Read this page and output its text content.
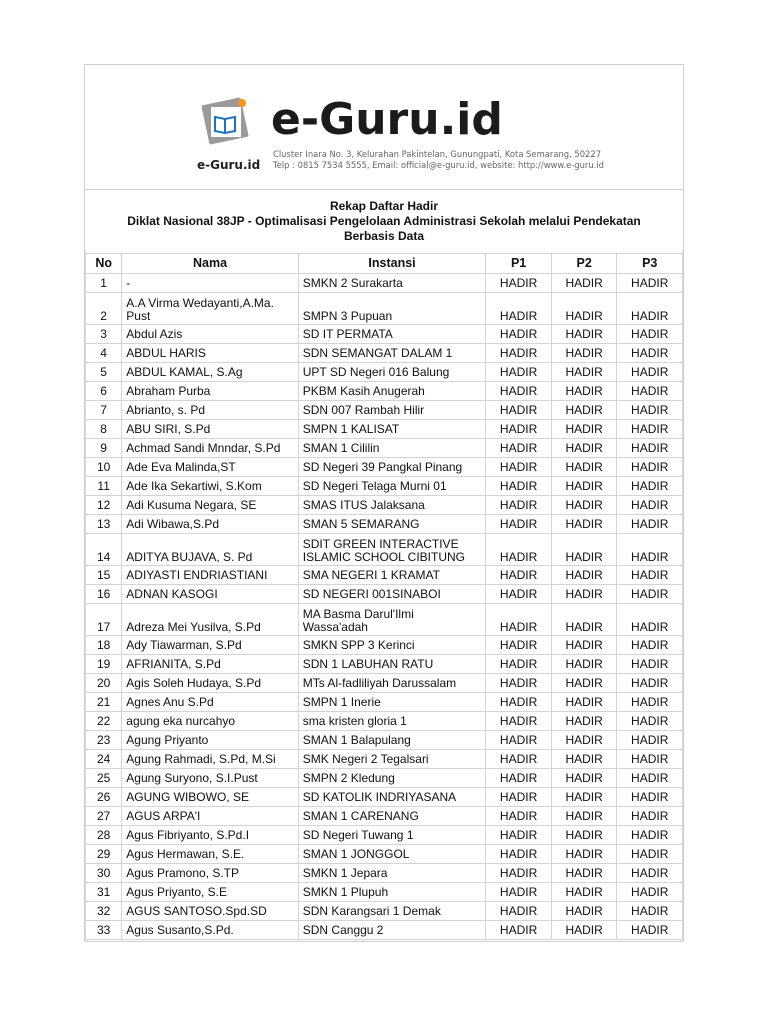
e-Guru.id
e-Guru.id
Cluster Inara No. 3, Kelurahan Pakintelan, Gunungpati, Kota Semarang, 50227
Telp : 0815 7534 5555, Email: official@e-guru.id, website: http://www.e-guru.id
Rekap Daftar Hadir
Diklat Nasional 38JP - Optimalisasi Pengelolaan Administrasi Sekolah melalui Pendekatan
Berbasis Data
No	Nama	Instansi	P1	P2	P3
1	-	SMKN 2 Surakarta	HADIR	HADIR	HADIR
2	A.A Virma Wedayanti,A.Ma. Pust	SMPN 3 Pupuan	HADIR	HADIR	HADIR
3	Abdul Azis	SD IT PERMATA	HADIR	HADIR	HADIR
4	ABDUL HARIS	SDN SEMANGAT DALAM 1	HADIR	HADIR	HADIR
5	ABDUL KAMAL, S.Ag	UPT SD Negeri 016 Balung	HADIR	HADIR	HADIR
6	Abraham Purba	PKBM Kasih Anugerah	HADIR	HADIR	HADIR
7	Abrianto, s. Pd	SDN 007 Rambah Hilir	HADIR	HADIR	HADIR
8	ABU SIRI, S.Pd	SMPN 1 KALISAT	HADIR	HADIR	HADIR
9	Achmad Sandi Mnndar, S.Pd	SMAN 1 Cililin	HADIR	HADIR	HADIR
10	Ade Eva Malinda,ST	SD Negeri 39 Pangkal Pinang	HADIR	HADIR	HADIR
11	Ade Ika Sekartiwi, S.Kom	SD Negeri Telaga Murni 01	HADIR	HADIR	HADIR
12	Adi Kusuma Negara, SE	SMAS ITUS Jalaksana	HADIR	HADIR	HADIR
13	Adi Wibawa,S.Pd	SMAN 5 SEMARANG	HADIR	HADIR	HADIR
14	ADITYA BUJAVA, S. Pd	SDIT GREEN INTERACTIVE ISLAMIC SCHOOL CIBITUNG	HADIR	HADIR	HADIR
15	ADIYASTI ENDRIASTIANI	SMA NEGERI 1 KRAMAT	HADIR	HADIR	HADIR
16	ADNAN KASOGI	SD NEGERI 001SINABOI	HADIR	HADIR	HADIR
17	Adreza Mei Yusilva, S.Pd	MA Basma Darul'Ilmi Wassa'adah	HADIR	HADIR	HADIR
18	Ady Tiawarman, S.Pd	SMKN SPP 3 Kerinci	HADIR	HADIR	HADIR
19	AFRIANITA, S.Pd	SDN 1 LABUHAN RATU	HADIR	HADIR	HADIR
20	Agis Soleh Hudaya, S.Pd	MTs Al-fadliliyah Darussalam	HADIR	HADIR	HADIR
21	Agnes Anu S.Pd	SMPN 1 Inerie	HADIR	HADIR	HADIR
22	agung eka nurcahyo	sma kristen gloria 1	HADIR	HADIR	HADIR
23	Agung Priyanto	SMAN 1 Balapulang	HADIR	HADIR	HADIR
24	Agung Rahmadi, S.Pd, M.Si	SMK Negeri 2 Tegalsari	HADIR	HADIR	HADIR
25	Agung Suryono, S.I.Pust	SMPN 2 Kledung	HADIR	HADIR	HADIR
26	AGUNG WIBOWO, SE	SD KATOLIK INDRIYASANA	HADIR	HADIR	HADIR
27	AGUS ARPA'I	SMAN 1 CARENANG	HADIR	HADIR	HADIR
28	Agus Fibriyanto, S.Pd.I	SD Negeri Tuwang 1	HADIR	HADIR	HADIR
29	Agus Hermawan, S.E.	SMAN 1 JONGGOL	HADIR	HADIR	HADIR
30	Agus Pramono, S.TP	SMKN 1 Jepara	HADIR	HADIR	HADIR
31	Agus Priyanto, S.E	SMKN 1 Plupuh	HADIR	HADIR	HADIR
32	AGUS SANTOSO.Spd.SD	SDN Karangsari 1 Demak	HADIR	HADIR	HADIR
33	Agus Susanto,S.Pd.	SDN Canggu 2	HADIR	HADIR	HADIR
